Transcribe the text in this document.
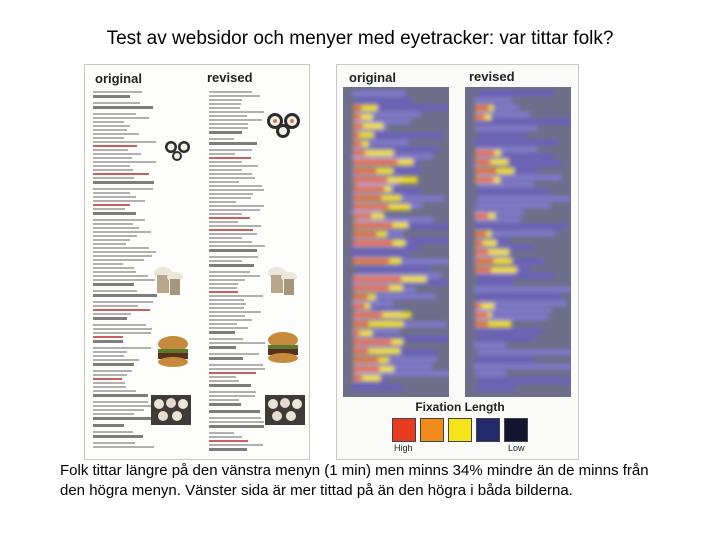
Test av websidor och menyer med eyetracker: var tittar folk?
original	revised	original	revised
Fixation Length
High	Low
Folk tittar längre på den vänstra menyn (1 min) men minns 34% mindre än de minns från den högra menyn. Vänster sida är mer tittad på än den högra i båda bilderna.
